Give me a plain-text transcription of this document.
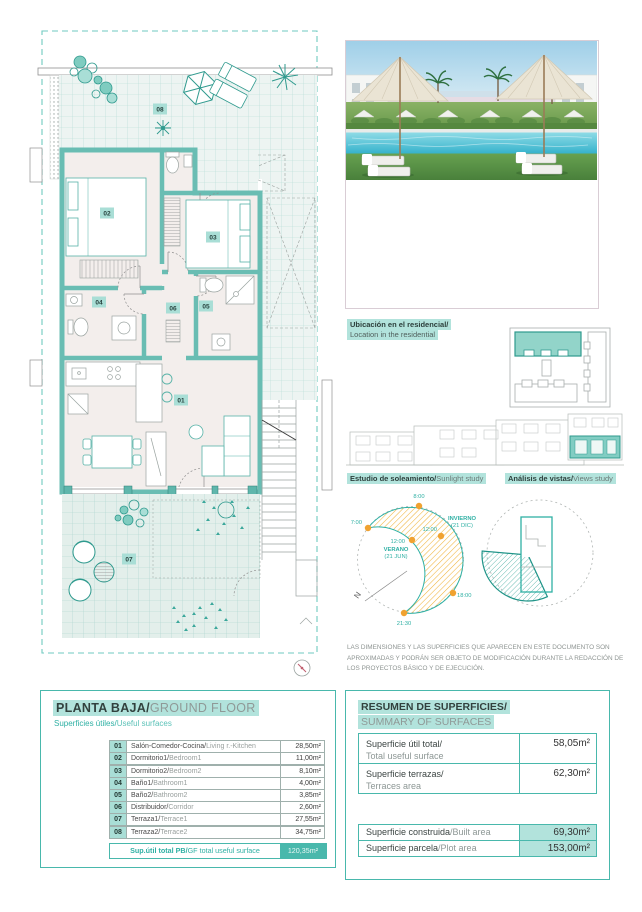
01
02
03
04
05
06
07
08
Ubicación en el residencial/
Location in the residential
Estudio de soleamiento/Sunlight study	Análisis de vistas/Views study
N
8:00
7:00
12:00
VERANO
(21 JUN)
12:00
INVIERNO
(21 DIC)
18:00
21:30
LAS DIMENSIONES Y LAS SUPERFICIES QUE APARECEN EN ESTE DOCUMENTO SON APROXIMADAS Y PODRÁN SER OBJETO DE MODIFICACIÓN DURANTE LA REDACCIÓN DE LOS PROYECTOS BÁSICO Y DE EJECUCIÓN.
PLANTA BAJA/GROUND FLOOR
Superficies útiles/Useful surfaces
01	Salón-Comedor-Cocina/Living r.-Kitchen	28,50m²
02	Dormitorio1/Bedroom1	11,00m²
03	Dormitorio2/Bedroom2	8,10m²
04	Baño1/Bathroom1	4,00m²
05	Baño2/Bathroom2	3,85m²
06	Distribuidor/Corridor	2,60m²
07	Terraza1/Terrace1	27,55m²
08	Terraza2/Terrace2	34,75m²
Sup.útil total PB/GF total useful surface	120,35m²
RESUMEN DE SUPERFICIES/
SUMMARY OF SURFACES
Superficie útil total/
Total useful surface
58,05m²
Superficie terrazas/
Terraces area
62,30m²
Superficie construida/Built area	69,30m²
Superficie parcela/Plot area	153,00m²
